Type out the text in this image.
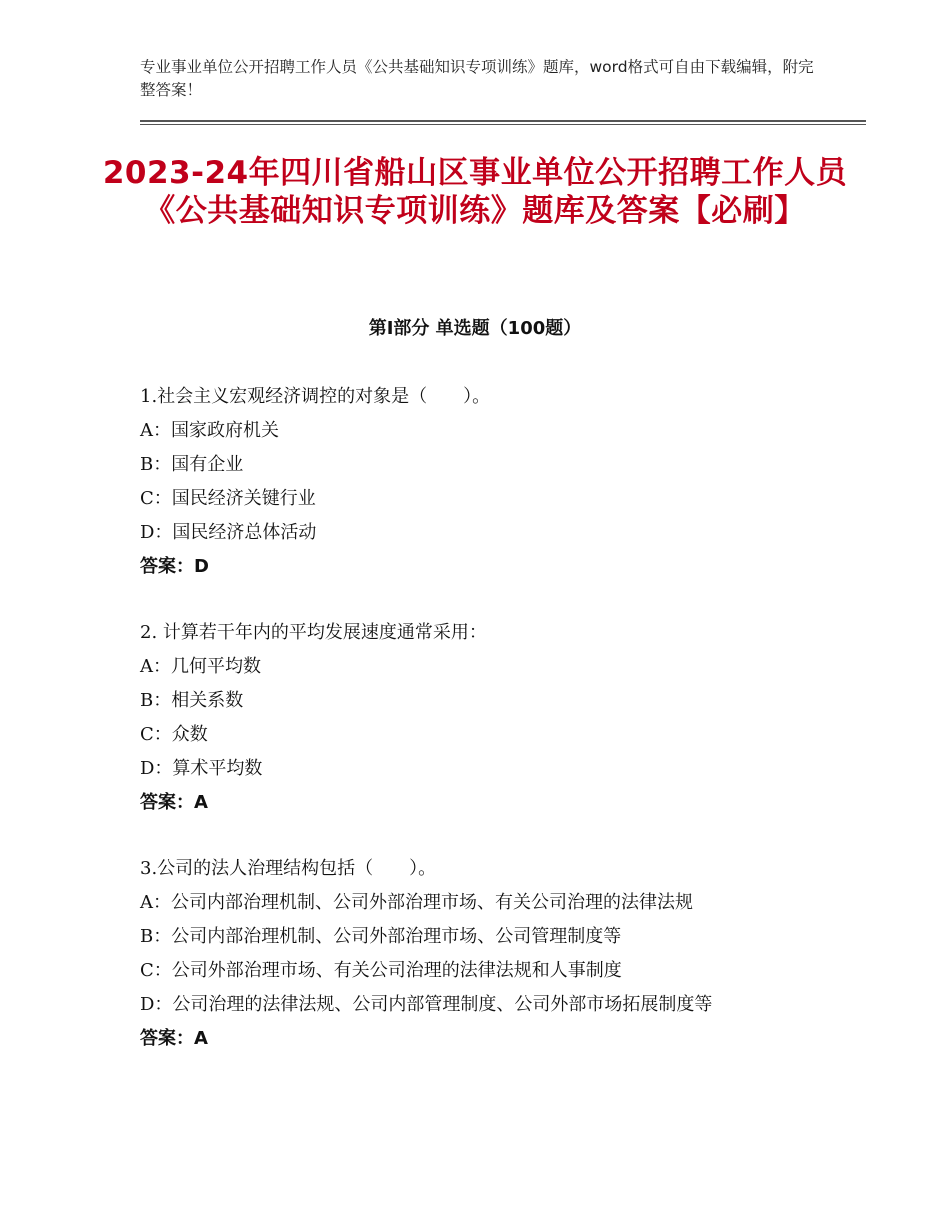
专业事业单位公开招聘工作人员《公共基础知识专项训练》题库，word格式可自由下载编辑，附完整答案！
2023-24年四川省船山区事业单位公开招聘工作人员《公共基础知识专项训练》题库及答案【必刷】
第Ⅰ部分 单选题（100题）
1.社会主义宏观经济调控的对象是（　　）。
A：国家政府机关
B：国有企业
C：国民经济关键行业
D：国民经济总体活动
答案：D
2. 计算若干年内的平均发展速度通常采用：
A：几何平均数
B：相关系数
C：众数
D：算术平均数
答案：A
3.公司的法人治理结构包括（　　）。
A：公司内部治理机制、公司外部治理市场、有关公司治理的法律法规
B：公司内部治理机制、公司外部治理市场、公司管理制度等
C：公司外部治理市场、有关公司治理的法律法规和人事制度
D：公司治理的法律法规、公司内部管理制度、公司外部市场拓展制度等
答案：A
